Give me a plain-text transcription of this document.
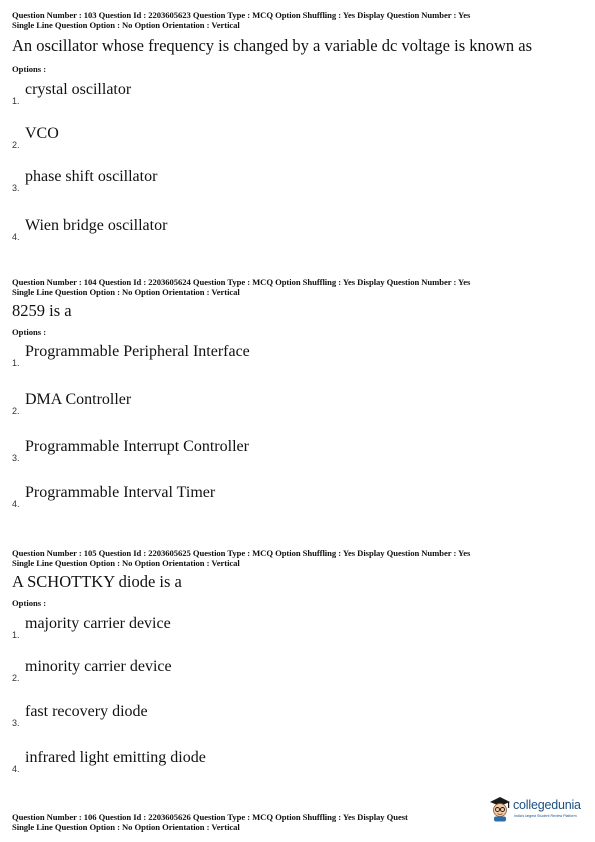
Question Number : 103 Question Id : 2203605623 Question Type : MCQ Option Shuffling : Yes Display Question Number : Yes

Single Line Question Option : No Option Orientation : Vertical

An oscillator whose frequency is changed by a variable dc voltage is known as

Options :

1.
crystal oscillator
2.
VCO
3.
phase shift oscillator
4.
Wien bridge oscillator

Question Number : 104 Question Id : 2203605624 Question Type : MCQ Option Shuffling : Yes Display Question Number : Yes

Single Line Question Option : No Option Orientation : Vertical

8259 is a

Options :

1.
Programmable Peripheral Interface
2.
DMA Controller
3.
Programmable Interrupt Controller
4.
Programmable Interval Timer

Question Number : 105 Question Id : 2203605625 Question Type : MCQ Option Shuffling : Yes Display Question Number : Yes

Single Line Question Option : No Option Orientation : Vertical

A SCHOTTKY diode is a

Options :

1.
majority carrier device
2.
minority carrier device
3.
fast recovery diode
4.
infrared light emitting diode

Question Number : 106 Question Id : 2203605626 Question Type : MCQ Option Shuffling : Yes Display Quest

Single Line Question Option : No Option Orientation : Vertical

collegedunia
India's largest Student Review Platform
